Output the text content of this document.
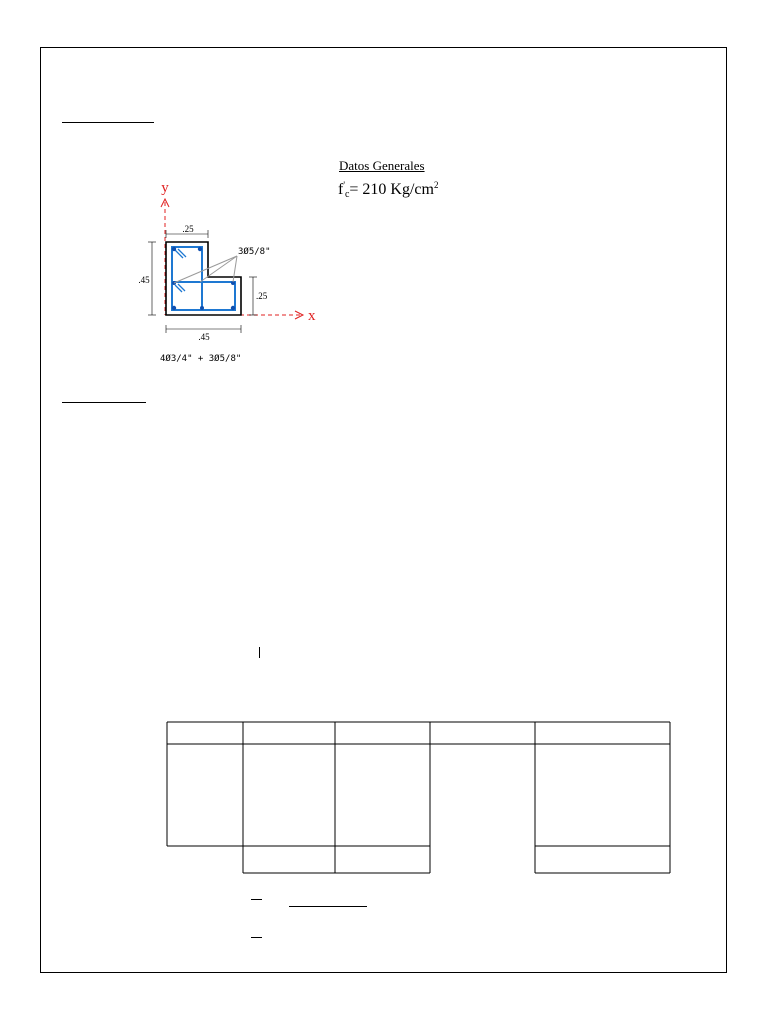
Datos Generales
$f'_c= 210$ $Kg/cm^2$
y
x
3Ø5/8"
.25
.45
.25
.45
4Ø3/4" + 3Ø5/8"
